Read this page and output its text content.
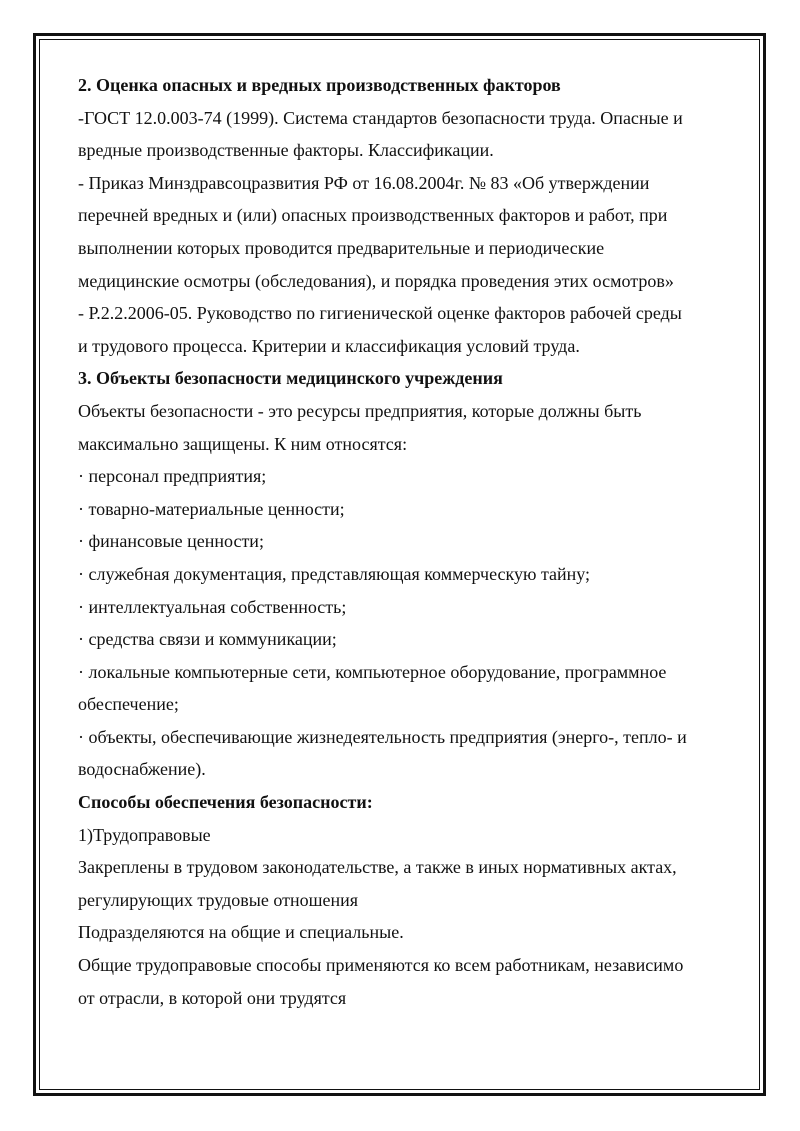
2. Оценка опасных и вредных производственных факторов

-ГОСТ 12.0.003-74 (1999). Система стандартов безопасности труда. Опасные и

вредные производственные факторы. Классификации.

- Приказ Минздравсоцразвития РФ от 16.08.2004г. № 83 «Об утверждении

перечней вредных и (или) опасных производственных факторов и работ, при

выполнении которых проводится предварительные и периодические

медицинские осмотры (обследования), и порядка проведения этих осмотров»

- Р.2.2.2006-05. Руководство по гигиенической оценке факторов рабочей среды

и трудового процесса. Критерии и классификация условий труда.

3. Объекты безопасности медицинского учреждения

Объекты безопасности - это ресурсы предприятия, которые должны быть

максимально защищены. К ним относятся:

· персонал предприятия;

· товарно-материальные ценности;

· финансовые ценности;

· служебная документация, представляющая коммерческую тайну;

· интеллектуальная собственность;

· средства связи и коммуникации;

· локальные компьютерные сети, компьютерное оборудование, программное

обеспечение;

· объекты, обеспечивающие жизнедеятельность предприятия (энерго-, тепло- и

водоснабжение).

Способы обеспечения безопасности:

1)Трудоправовые

Закреплены в трудовом законодательстве, а также в иных нормативных актах,

регулирующих трудовые отношения

Подразделяются на общие и специальные.

Общие трудоправовые способы применяются ко всем работникам, независимо

от отрасли, в которой они трудятся
